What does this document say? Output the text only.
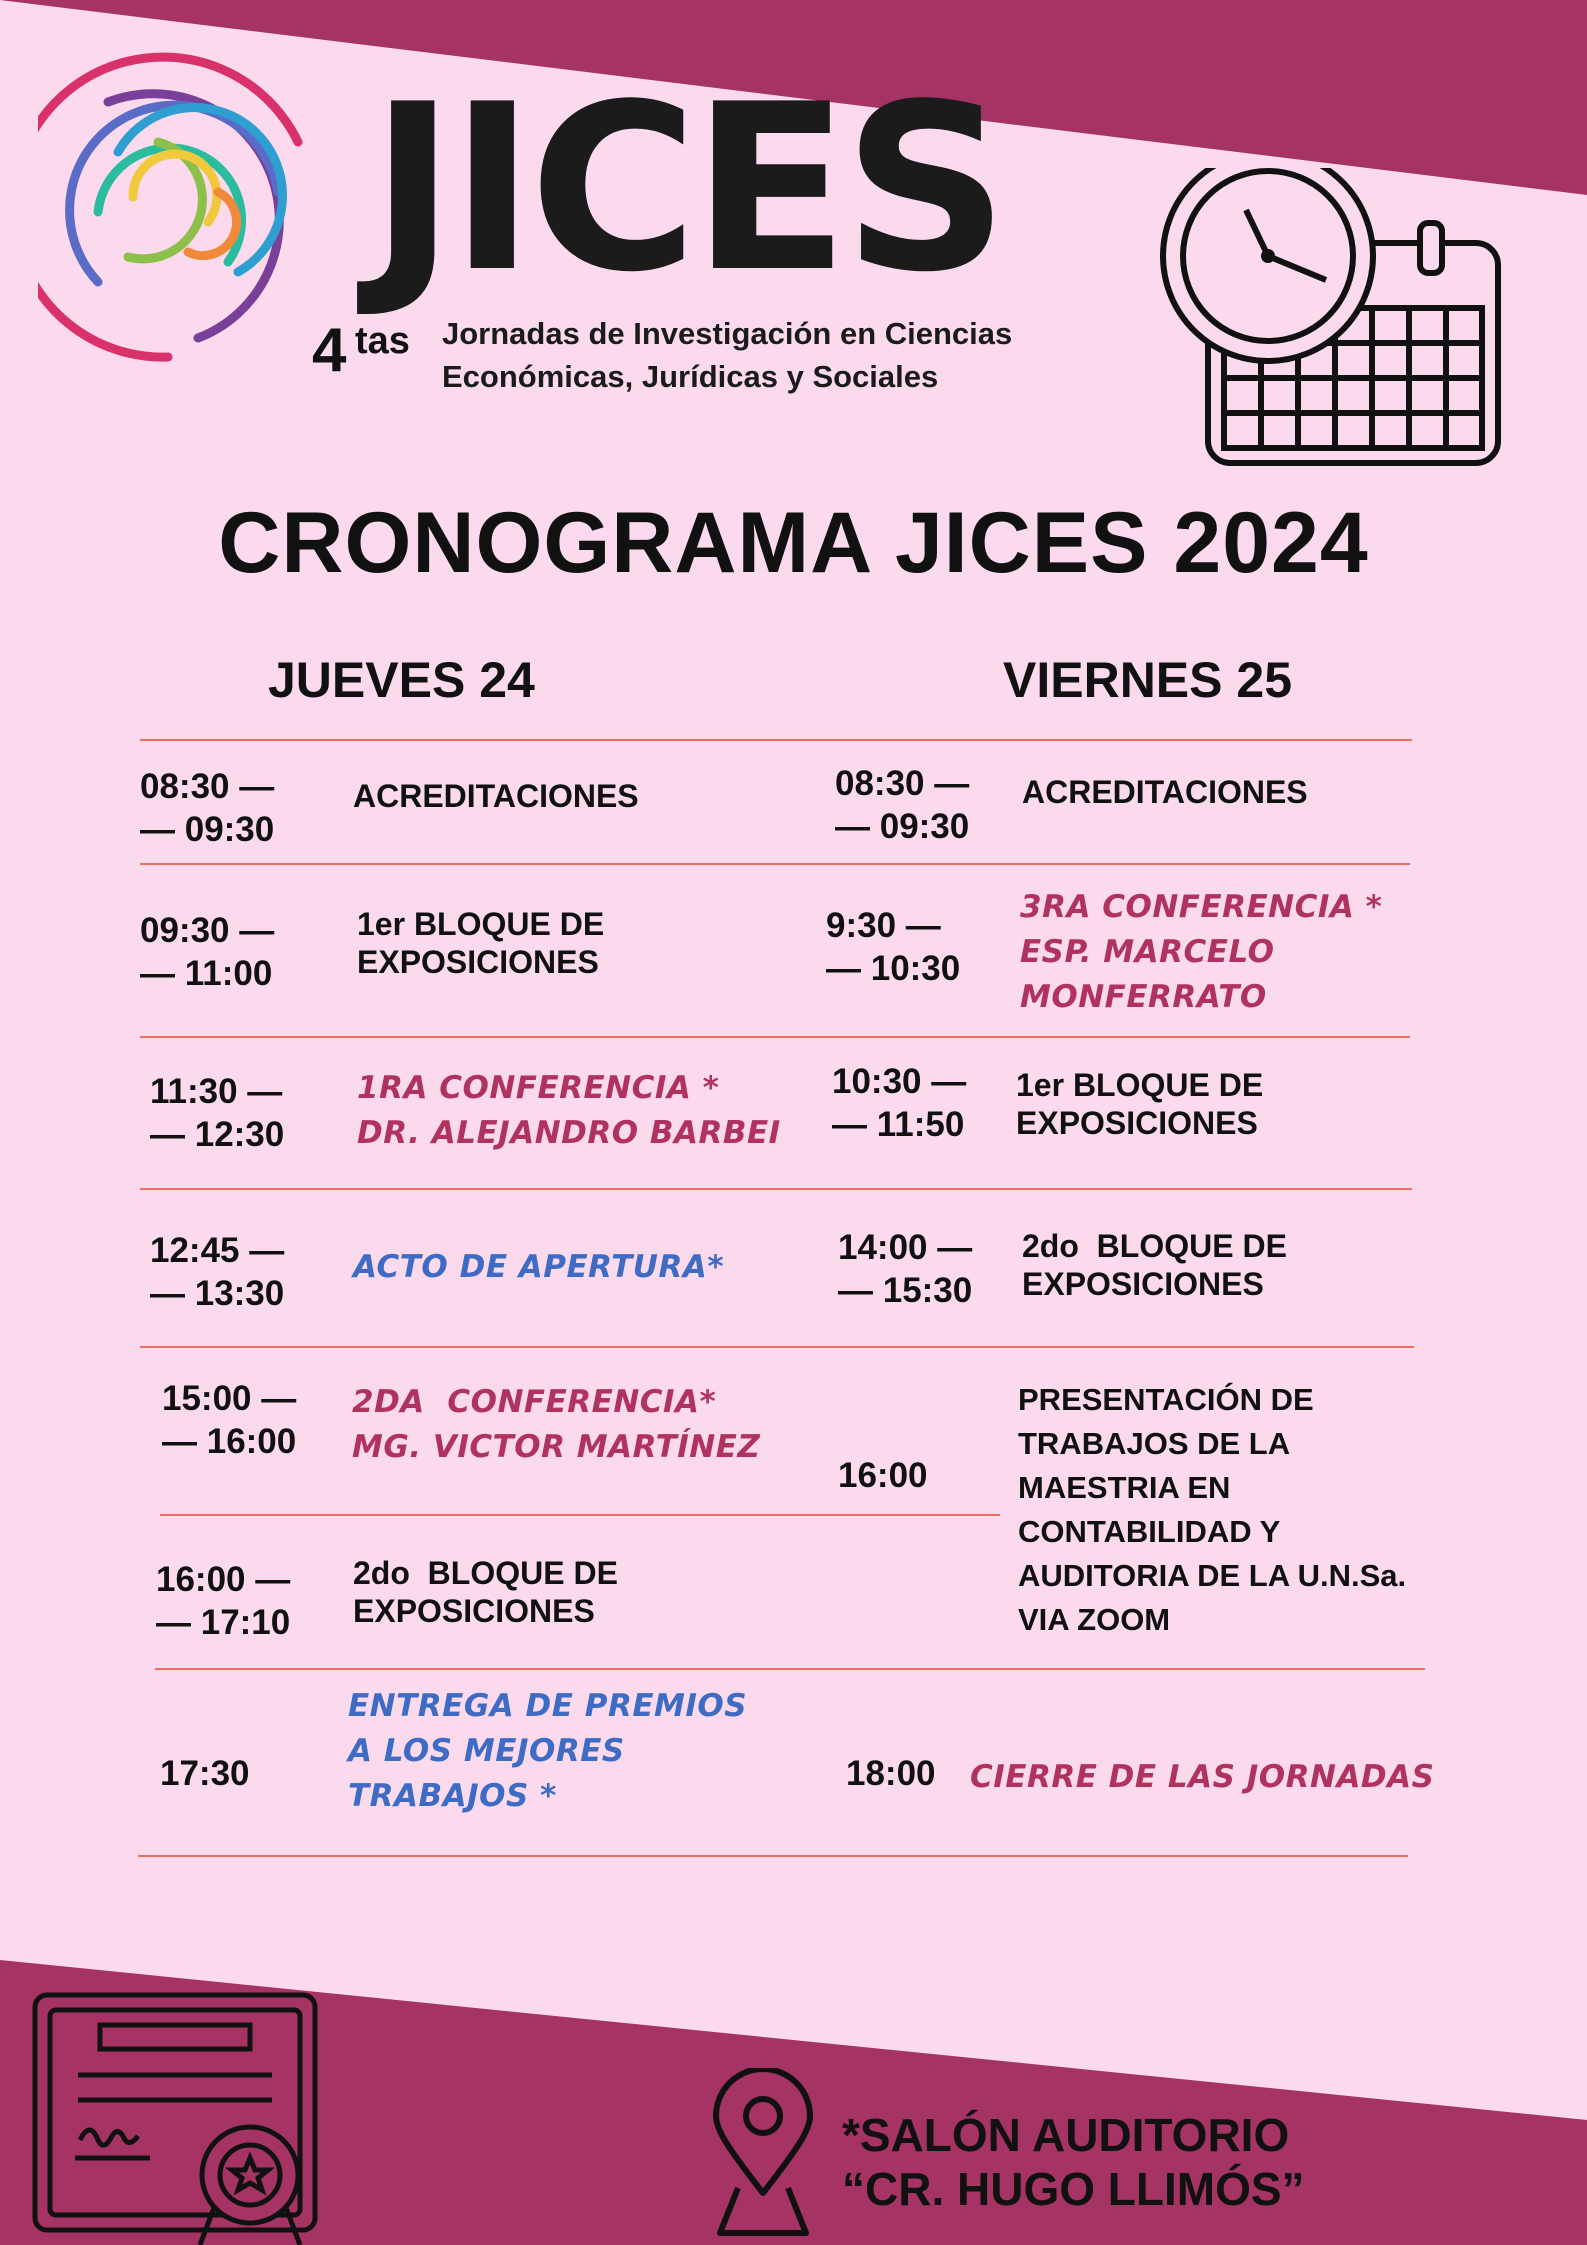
JICES
4 tas Jornadas de Investigación en Ciencias
Económicas, Jurídicas y Sociales

CRONOGRAMA JICES 2024
JUEVES 24	VIERNES 25
08:30 —
— 09:30
ACREDITACIONES
09:30 —
— 11:00
1er BLOQUE DE
EXPOSICIONES
11:30 —
— 12:30
1RA CONFERENCIA *
DR. ALEJANDRO BARBEI
12:45 —
— 13:30
ACTO DE APERTURA*
15:00 —
— 16:00
2DA  CONFERENCIA*
MG. VICTOR MARTÍNEZ
16:00 —
— 17:10
2do  BLOQUE DE
EXPOSICIONES
17:30
ENTREGA DE PREMIOS
A LOS MEJORES
TRABAJOS *
08:30 —
— 09:30
ACREDITACIONES
9:30 —
— 10:30
3RA CONFERENCIA *
ESP. MARCELO
MONFERRATO
10:30 —
— 11:50
1er BLOQUE DE
EXPOSICIONES
14:00 —
— 15:30
2do  BLOQUE DE
EXPOSICIONES
16:00
PRESENTACIÓN DE
TRABAJOS DE LA
MAESTRIA EN
CONTABILIDAD Y
AUDITORIA DE LA U.N.Sa.
VIA ZOOM
18:00 CIERRE DE LAS JORNADAS
*SALÓN AUDITORIO
“CR. HUGO LLIMÓS”
